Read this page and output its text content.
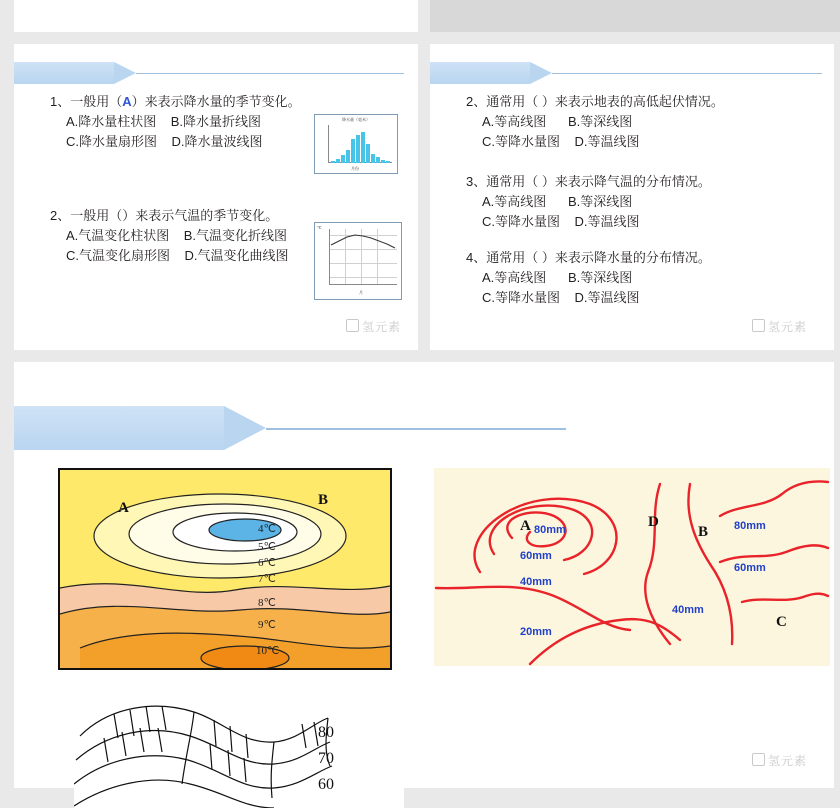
1、一般用（A）来表示降水量的季节变化。
A.降水量柱状图    B.降水量折线图
C.降水量扇形图    D.降水量波线图
2、一般用（）来表示气温的季节变化。
A.气温变化柱状图    B.气温变化折线图
C.气温变化扇形图    D.气温变化曲线图
降水量（毫米）
月份
℃
月
2、通常用（ ）来表示地表的高低起伏情况。
A.等高线图      B.等深线图
C.等降水量图    D.等温线图
3、通常用（ ）来表示降气温的分布情况。
A.等高线图      B.等深线图
C.等降水量图    D.等温线图
4、通常用（ ）来表示降水量的分布情况。
A.等高线图      B.等深线图
C.等降水量图    D.等温线图
A	B
4℃
5℃
6℃
7℃
8℃
9℃
10℃
A	D
B
C
80mm
60mm
40mm
20mm
80mm
60mm
40mm
80
70
60
氢元素	氢元素
氢元素
